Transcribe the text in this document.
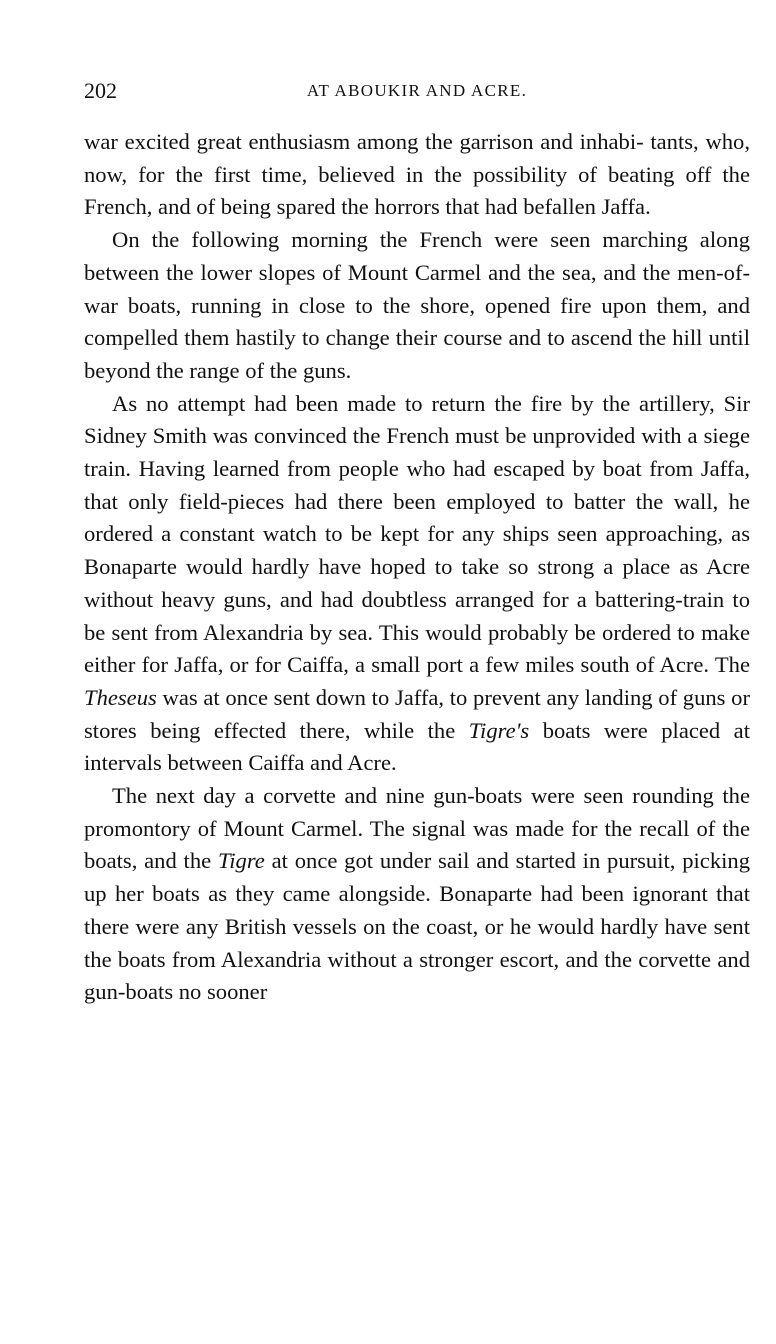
202	AT ABOUKIR AND ACRE.

war excited great enthusiasm among the garrison and inhabi- tants, who, now, for the first time, believed in the possibility of beating off the French, and of being spared the horrors that had befallen Jaffa.

On the following morning the French were seen marching along between the lower slopes of Mount Carmel and the sea, and the men-of-war boats, running in close to the shore, opened fire upon them, and compelled them hastily to change their course and to ascend the hill until beyond the range of the guns.

As no attempt had been made to return the fire by the artillery, Sir Sidney Smith was convinced the French must be unprovided with a siege train. Having learned from people who had escaped by boat from Jaffa, that only field-pieces had there been employed to batter the wall, he ordered a constant watch to be kept for any ships seen approaching, as Bonaparte would hardly have hoped to take so strong a place as Acre without heavy guns, and had doubtless arranged for a battering-train to be sent from Alexandria by sea. This would probably be ordered to make either for Jaffa, or for Caiffa, a small port a few miles south of Acre. The Theseus was at once sent down to Jaffa, to prevent any landing of guns or stores being effected there, while the Tigre's boats were placed at intervals between Caiffa and Acre.

The next day a corvette and nine gun-boats were seen rounding the promontory of Mount Carmel. The signal was made for the recall of the boats, and the Tigre at once got under sail and started in pursuit, picking up her boats as they came alongside. Bonaparte had been ignorant that there were any British vessels on the coast, or he would hardly have sent the boats from Alexandria without a stronger escort, and the corvette and gun-boats no sooner
